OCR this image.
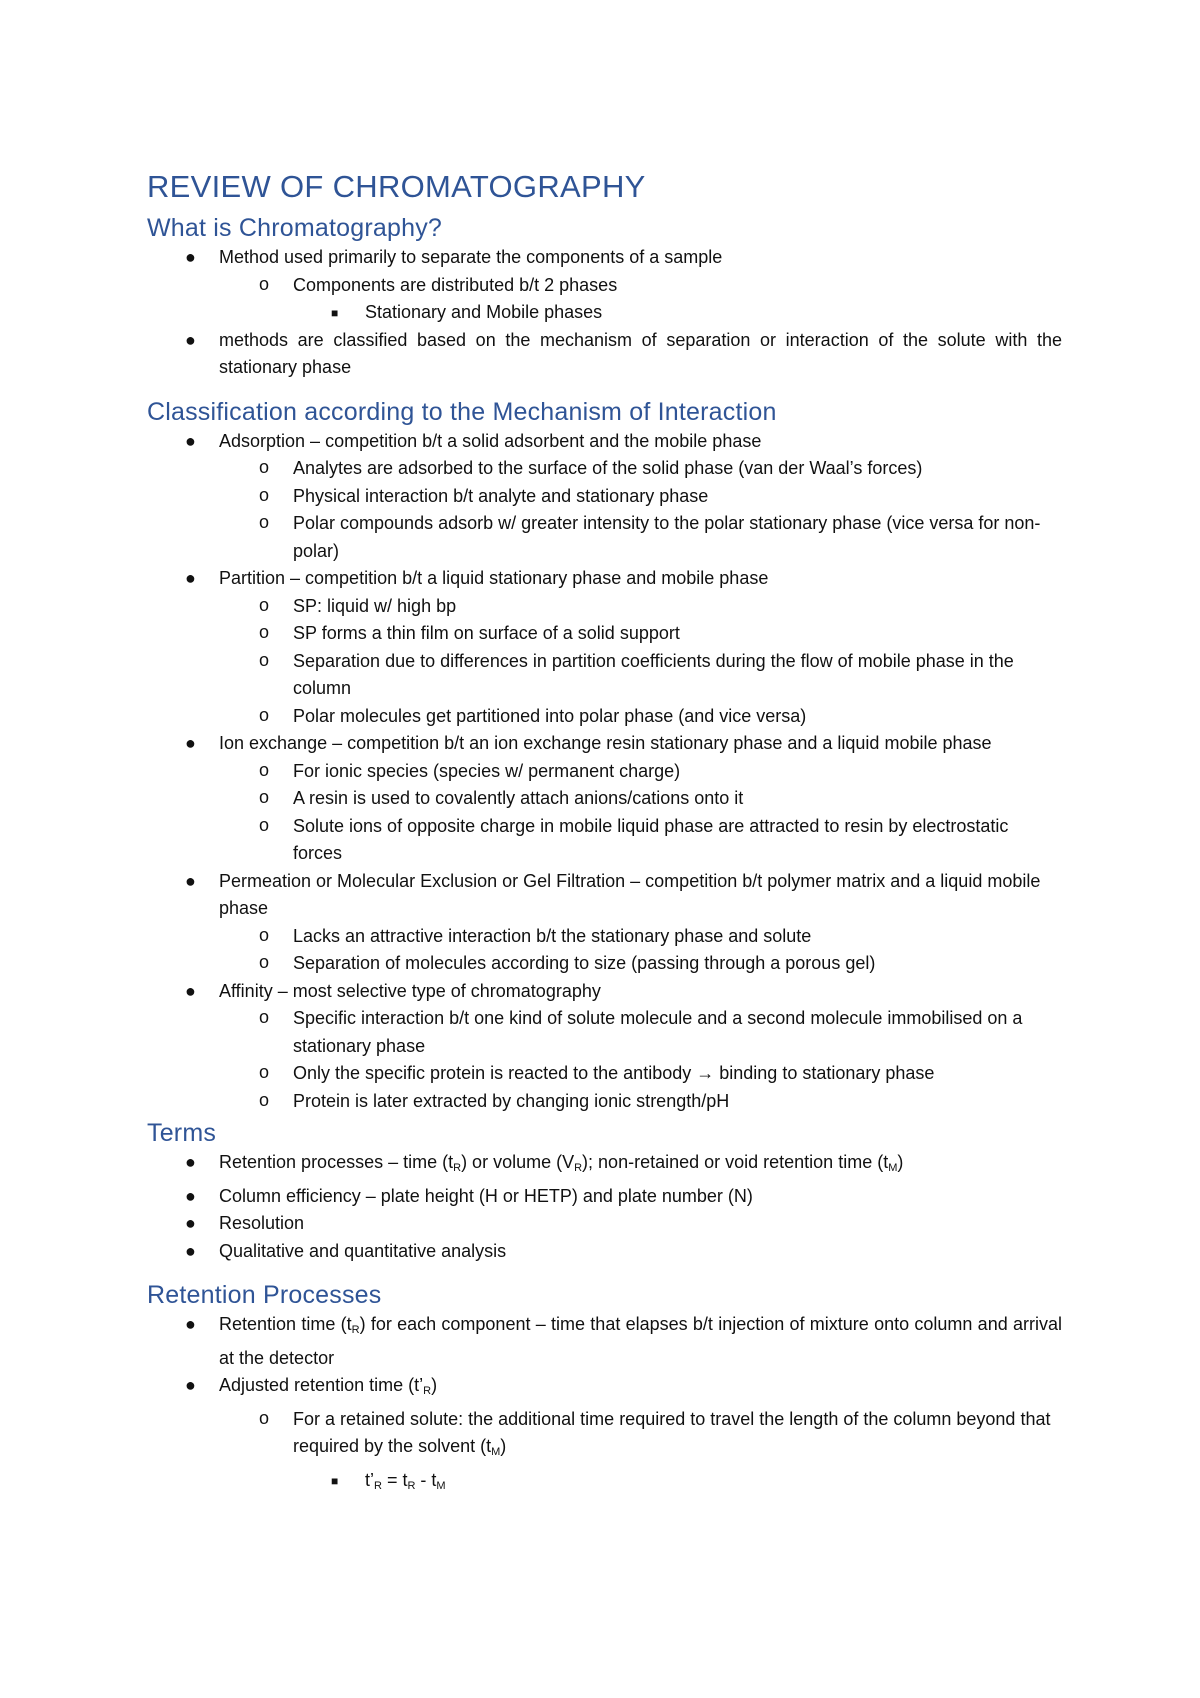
REVIEW OF CHROMATOGRAPHY
What is Chromatography?
● Method used primarily to separate the components of a sample
o Components are distributed b/t 2 phases
■ Stationary and Mobile phases
● methods are classified based on the mechanism of separation or interaction of the solute with the stationary phase
Classification according to the Mechanism of Interaction
● Adsorption – competition b/t a solid adsorbent and the mobile phase
o Analytes are adsorbed to the surface of the solid phase (van der Waal’s forces)
o Physical interaction b/t analyte and stationary phase
o Polar compounds adsorb w/ greater intensity to the polar stationary phase (vice versa for non-polar)
● Partition – competition b/t a liquid stationary phase and mobile phase
o SP: liquid w/ high bp
o SP forms a thin film on surface of a solid support
o Separation due to differences in partition coefficients during the flow of mobile phase in the column
o Polar molecules get partitioned into polar phase (and vice versa)
● Ion exchange – competition b/t an ion exchange resin stationary phase and a liquid mobile phase
o For ionic species (species w/ permanent charge)
o A resin is used to covalently attach anions/cations onto it
o Solute ions of opposite charge in mobile liquid phase are attracted to resin by electrostatic forces
● Permeation or Molecular Exclusion or Gel Filtration – competition b/t polymer matrix and a liquid mobile phase
o Lacks an attractive interaction b/t the stationary phase and solute
o Separation of molecules according to size (passing through a porous gel)
● Affinity – most selective type of chromatography
o Specific interaction b/t one kind of solute molecule and a second molecule immobilised on a stationary phase
o Only the specific protein is reacted to the antibody → binding to stationary phase
o Protein is later extracted by changing ionic strength/pH
Terms
● Retention processes – time $(t_R)$ or volume $(V_R)$; non-retained or void retention time $(t_M)$
● Column efficiency – plate height (H or HETP) and plate number (N)
● Resolution
● Qualitative and quantitative analysis
Retention Processes
● Retention time $(t_R)$ for each component – time that elapses b/t injection of mixture onto column and arrival at the detector
● Adjusted retention time $(t’_R)$
o For a retained solute: the additional time required to travel the length of the column beyond that required by the solvent $(t_M)$
■ $t’_R = t_R - t_M$
